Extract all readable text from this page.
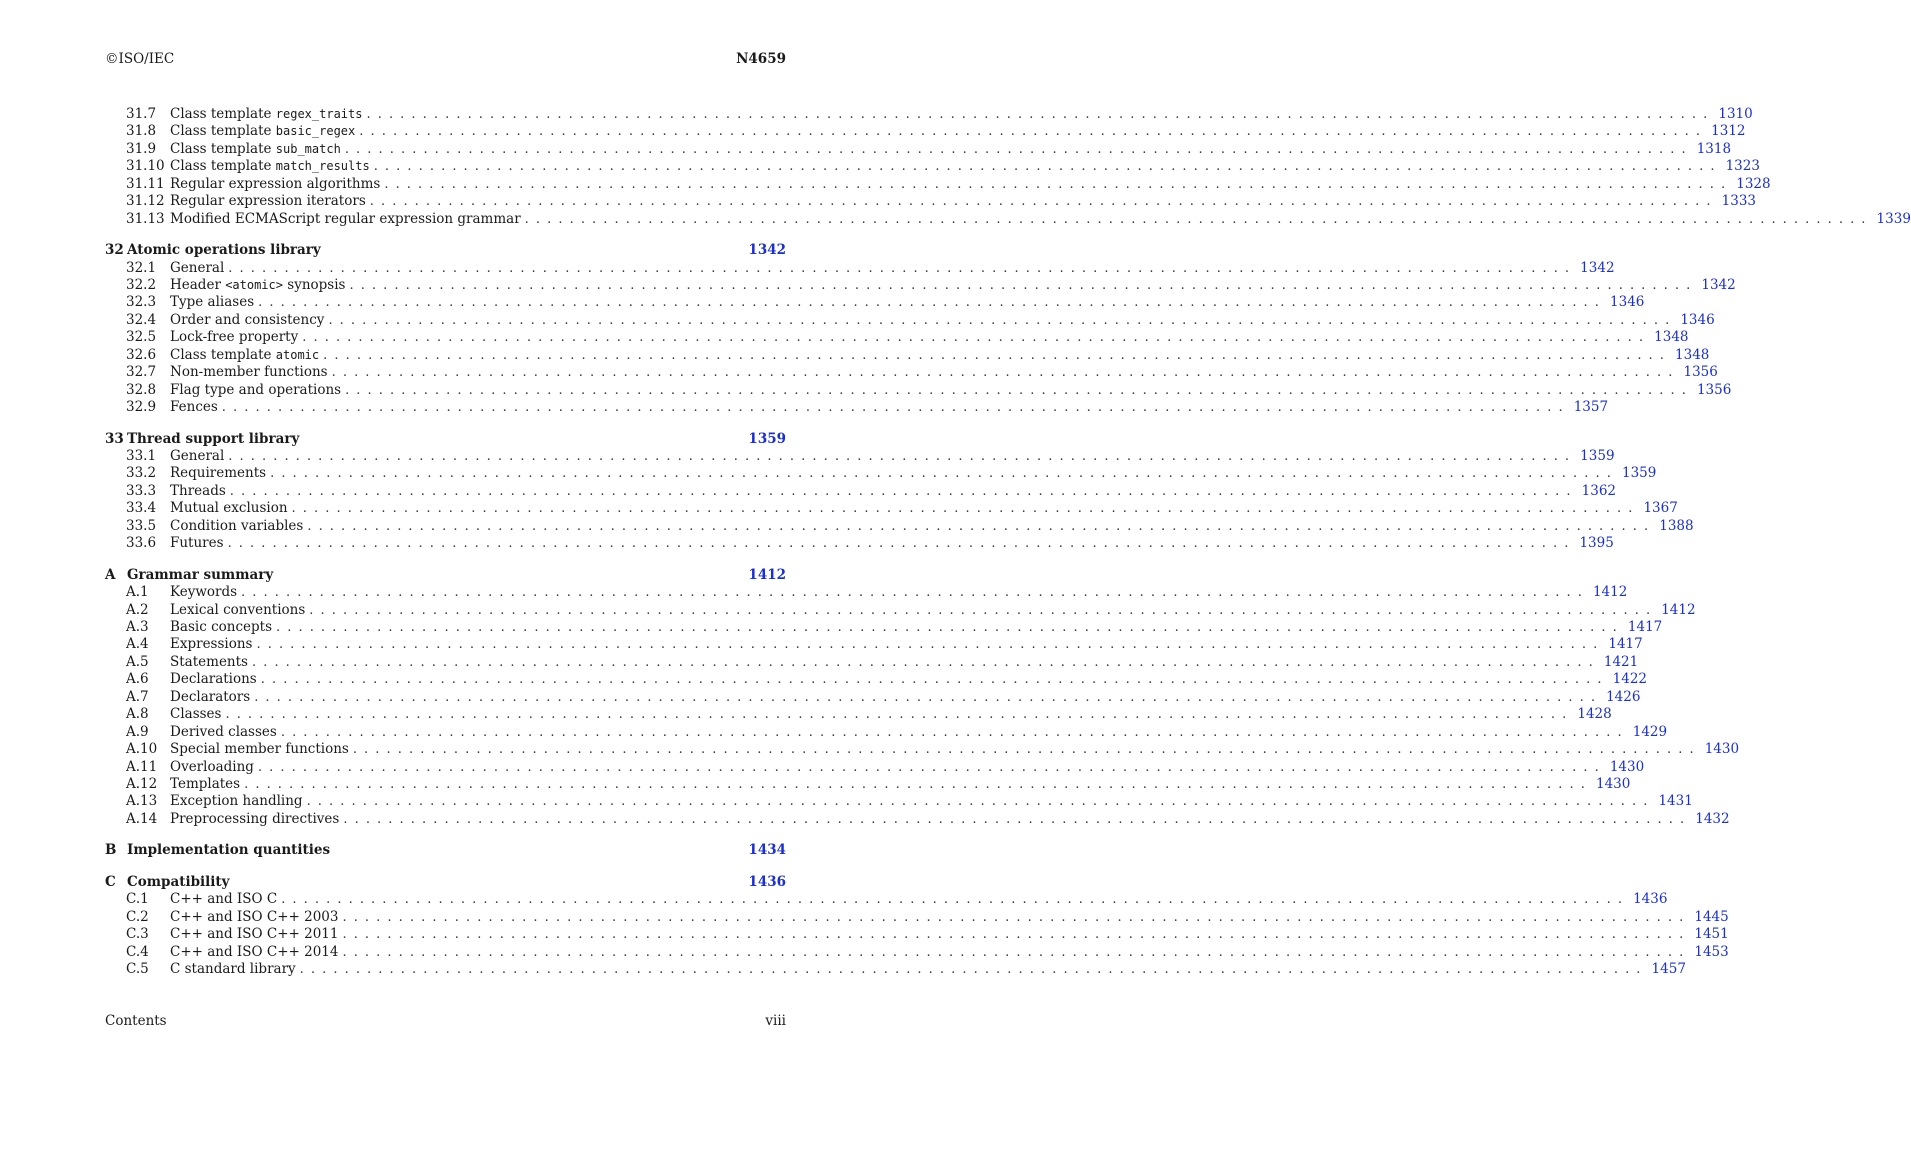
©ISO/IEC	N4659
31.7 Class template regex_traits ........................................................................................................................ 1310
31.8 Class template basic_regex ........................................................................................................................ 1312
31.9 Class template sub_match ........................................................................................................................ 1318
31.10 Class template match_results ........................................................................................................................ 1323
31.11 Regular expression algorithms ........................................................................................................................ 1328
31.12 Regular expression iterators ........................................................................................................................ 1333
31.13 Modified ECMAScript regular expression grammar ........................................................................................................................ 1339
32 Atomic operations library	1342
32.1 General ........................................................................................................................ 1342
32.2 Header <atomic> synopsis ........................................................................................................................ 1342
32.3 Type aliases ........................................................................................................................ 1346
32.4 Order and consistency ........................................................................................................................ 1346
32.5 Lock-free property ........................................................................................................................ 1348
32.6 Class template atomic ........................................................................................................................ 1348
32.7 Non-member functions ........................................................................................................................ 1356
32.8 Flag type and operations ........................................................................................................................ 1356
32.9 Fences ........................................................................................................................ 1357
33 Thread support library	1359
33.1 General ........................................................................................................................ 1359
33.2 Requirements ........................................................................................................................ 1359
33.3 Threads ........................................................................................................................ 1362
33.4 Mutual exclusion ........................................................................................................................ 1367
33.5 Condition variables ........................................................................................................................ 1388
33.6 Futures ........................................................................................................................ 1395
A Grammar summary	1412
A.1 Keywords ........................................................................................................................ 1412
A.2 Lexical conventions ........................................................................................................................ 1412
A.3 Basic concepts ........................................................................................................................ 1417
A.4 Expressions ........................................................................................................................ 1417
A.5 Statements ........................................................................................................................ 1421
A.6 Declarations ........................................................................................................................ 1422
A.7 Declarators ........................................................................................................................ 1426
A.8 Classes ........................................................................................................................ 1428
A.9 Derived classes ........................................................................................................................ 1429
A.10 Special member functions ........................................................................................................................ 1430
A.11 Overloading ........................................................................................................................ 1430
A.12 Templates ........................................................................................................................ 1430
A.13 Exception handling ........................................................................................................................ 1431
A.14 Preprocessing directives ........................................................................................................................ 1432
B Implementation quantities	1434
C Compatibility	1436
C.1 C++ and ISO C ........................................................................................................................ 1436
C.2 C++ and ISO C++ 2003 ........................................................................................................................ 1445
C.3 C++ and ISO C++ 2011 ........................................................................................................................ 1451
C.4 C++ and ISO C++ 2014 ........................................................................................................................ 1453
C.5 C standard library ........................................................................................................................ 1457
Contents	viii
